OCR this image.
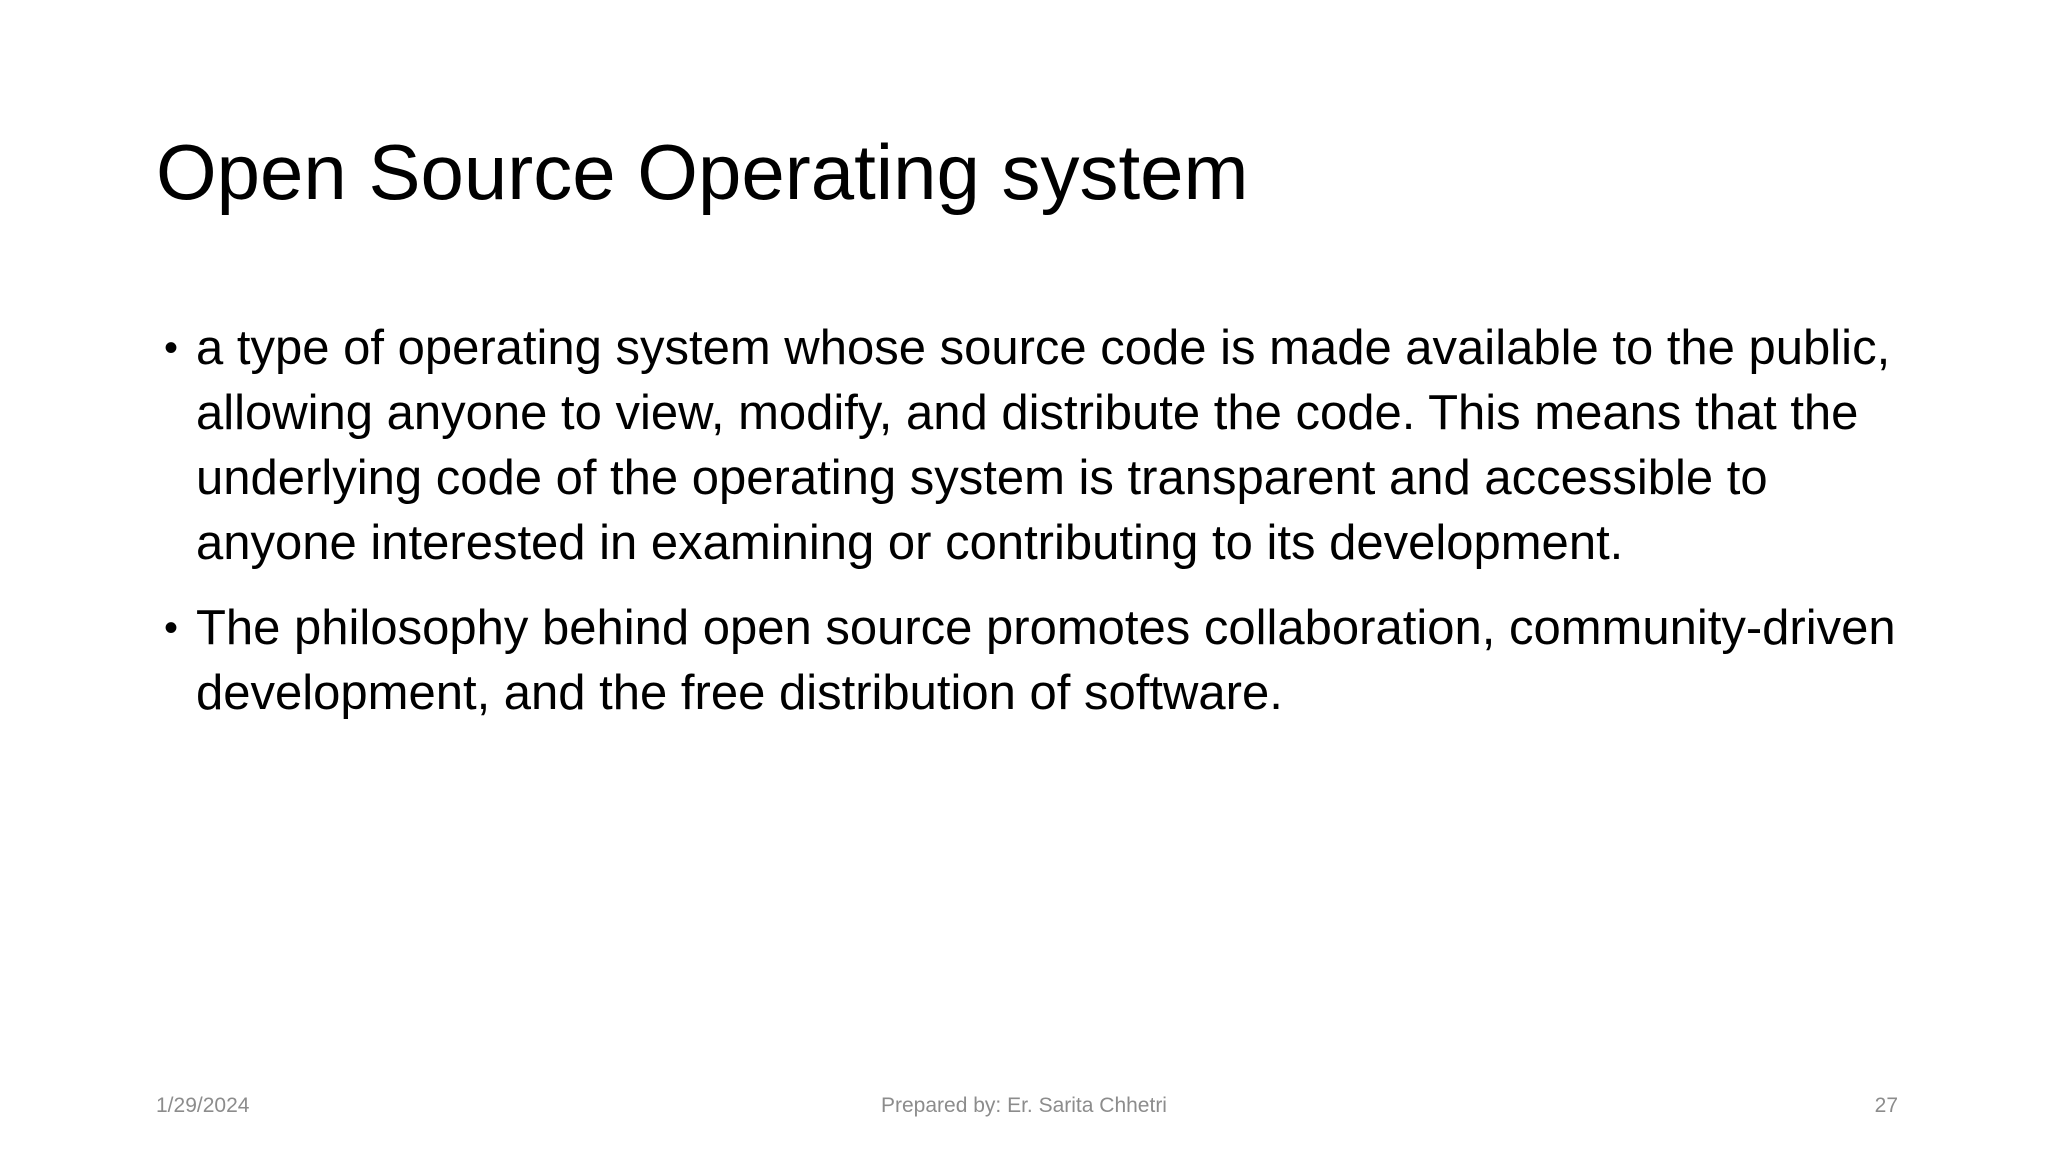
Open Source Operating system
• a type of operating system whose source code is made available to the public, allowing anyone to view, modify, and distribute the code. This means that the underlying code of the operating system is transparent and accessible to anyone interested in examining or contributing to its development.
• The philosophy behind open source promotes collaboration, community-driven development, and the free distribution of software.
Prepared by: Er. Sarita Chhetri
1/29/2024	27
